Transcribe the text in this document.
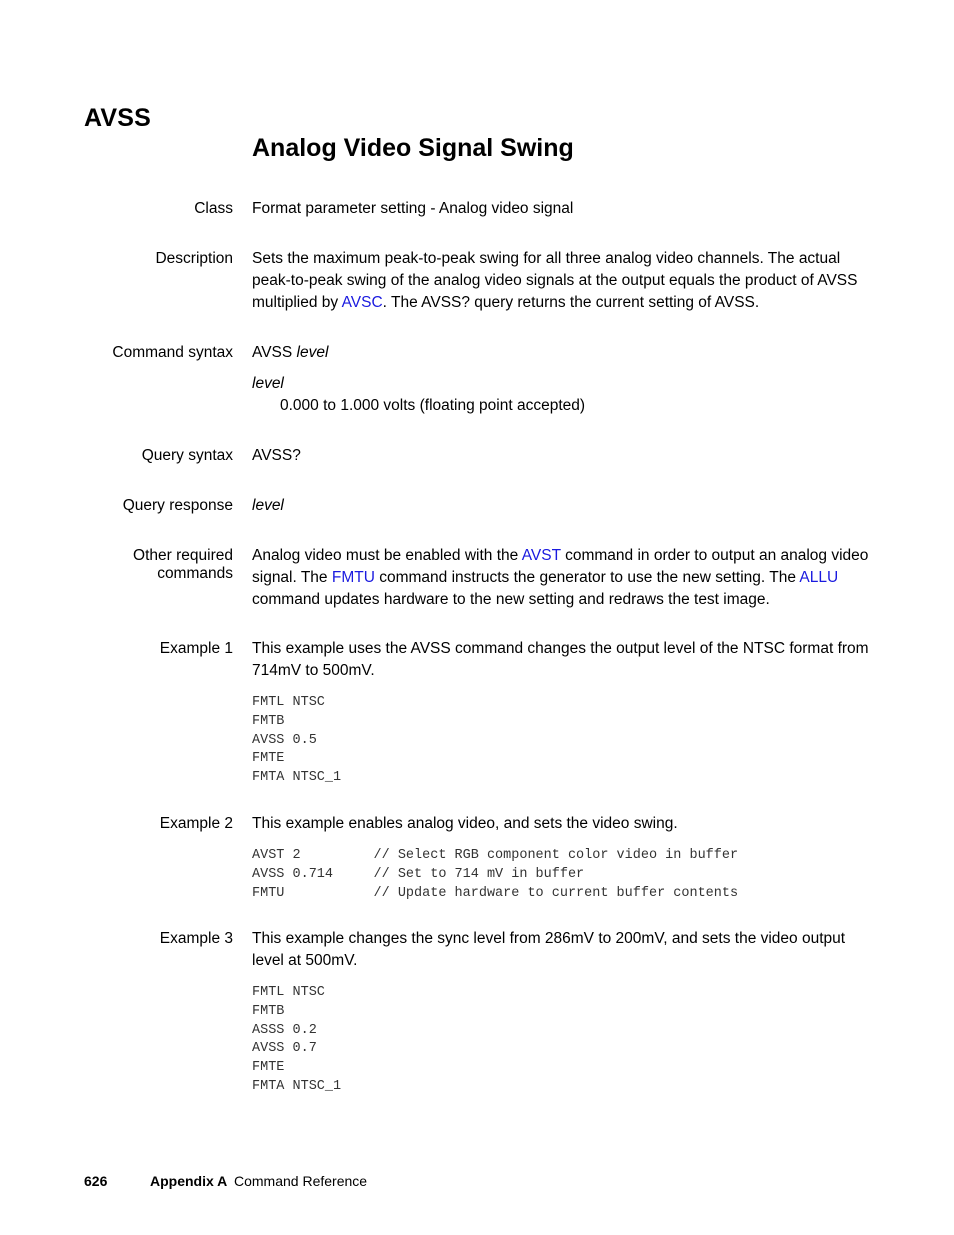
AVSS
Analog Video Signal Swing
Class Format parameter setting - Analog video signal
Description Sets the maximum peak-to-peak swing for all three analog video channels. The actual peak-to-peak swing of the analog video signals at the output equals the product of AVSS multiplied by AVSC. The AVSS? query returns the current setting of AVSS.
Command syntax AVSS level
level
0.000 to 1.000 volts (floating point accepted)
Query syntax AVSS?
Query response level
Other required
commands
Analog video must be enabled with the AVST command in order to output an analog video signal. The FMTU command instructs the generator to use the new setting. The ALLU command updates hardware to the new setting and redraws the test image.
Example 1 This example uses the AVSS command changes the output level of the NTSC format from 714mV to 500mV.
FMTL NTSC
FMTB
AVSS 0.5
FMTE
FMTA NTSC_1
Example 2 This example enables analog video, and sets the video swing.
AVST 2         // Select RGB component color video in buffer
AVSS 0.714     // Set to 714 mV in buffer
FMTU           // Update hardware to current buffer contents
Example 3 This example changes the sync level from 286mV to 200mV, and sets the video output level at 500mV.
FMTL NTSC
FMTB
ASSS 0.2
AVSS 0.7
FMTE
FMTA NTSC_1
626	Appendix A Command Reference
